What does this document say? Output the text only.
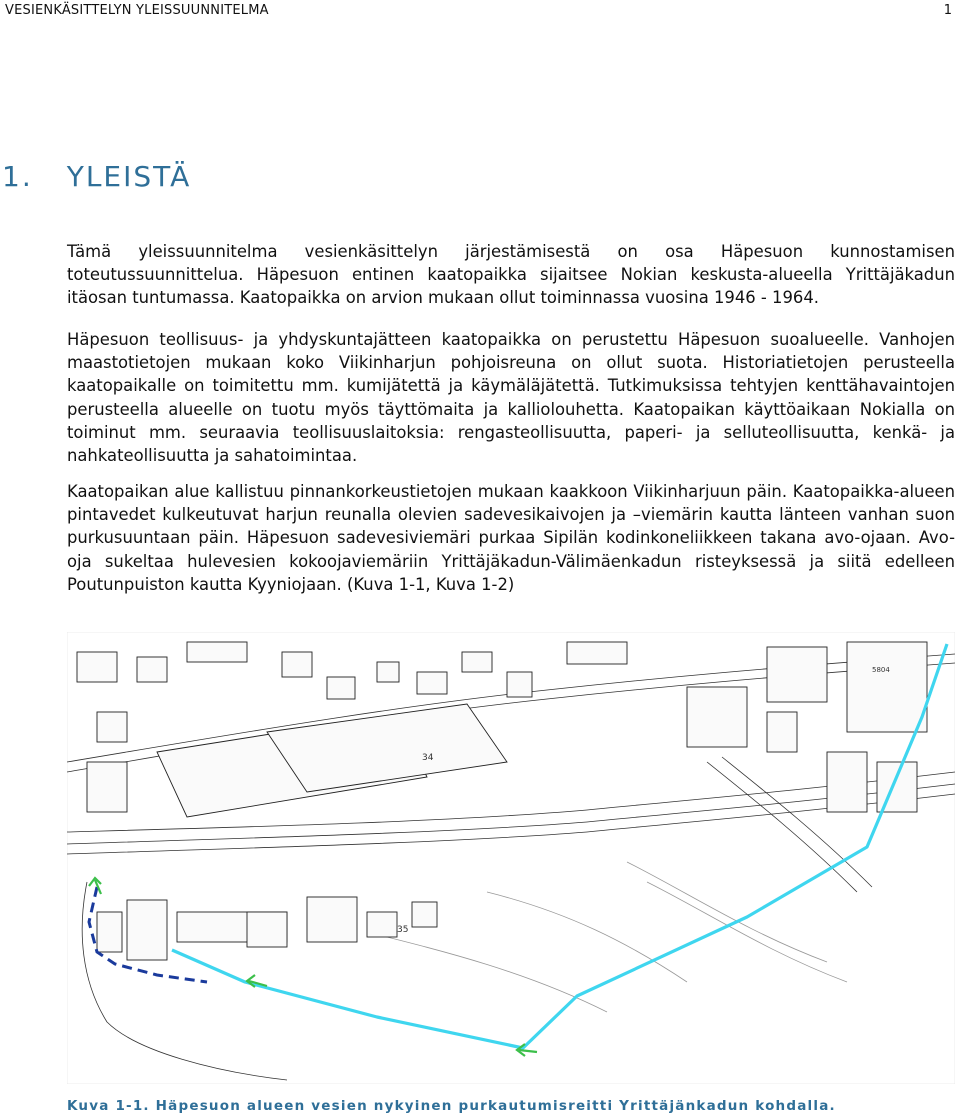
VESIENKÄSITTELYN YLEISSUUNNITELMA	1
1. YLEISTÄ
Tämä yleissuunnitelma vesienkäsittelyn järjestämisestä on osa Häpesuon kunnostamisen toteutussuunnittelua. Häpesuon entinen kaatopaikka sijaitsee Nokian keskusta-alueella Yrittäjäkadun itäosan tuntumassa. Kaatopaikka on arvion mukaan ollut toiminnassa vuosina 1946 - 1964.
Häpesuon teollisuus- ja yhdyskuntajätteen kaatopaikka on perustettu Häpesuon suoalueelle. Vanhojen maastotietojen mukaan koko Viikinharjun pohjoisreuna on ollut suota. Historiatietojen perusteella kaatopaikalle on toimitettu mm. kumijätettä ja käymäläjätettä. Tutkimuksissa tehtyjen kenttähavaintojen perusteella alueelle on tuotu myös täyttömaita ja kalliolouhetta. Kaatopaikan käyttöaikaan Nokialla on toiminut mm. seuraavia teollisuuslaitoksia: rengasteollisuutta, paperi- ja selluteollisuutta, kenkä- ja nahkateollisuutta ja sahatoimintaa.
Kaatopaikan alue kallistuu pinnankorkeustietojen mukaan kaakkoon Viikinharjuun päin. Kaatopaikka-alueen pintavedet kulkeutuvat harjun reunalla olevien sadevesikaivojen ja –viemärin kautta länteen vanhan suon purkusuuntaan päin. Häpesuon sadevesiviemäri purkaa Sipilän kodinkoneliikkeen takana avo-ojaan. Avo-oja sukeltaa hulevesien kokoojaviemäriin Yrittäjäkadun-Välimäenkadun risteyksessä ja siitä edelleen Poutunpuiston kautta Kyyniojaan. (Kuva 1-1, Kuva 1-2)
34
35
5804
Kuva 1-1. Häpesuon alueen vesien nykyinen purkautumisreitti Yrittäjänkadun kohdalla.
